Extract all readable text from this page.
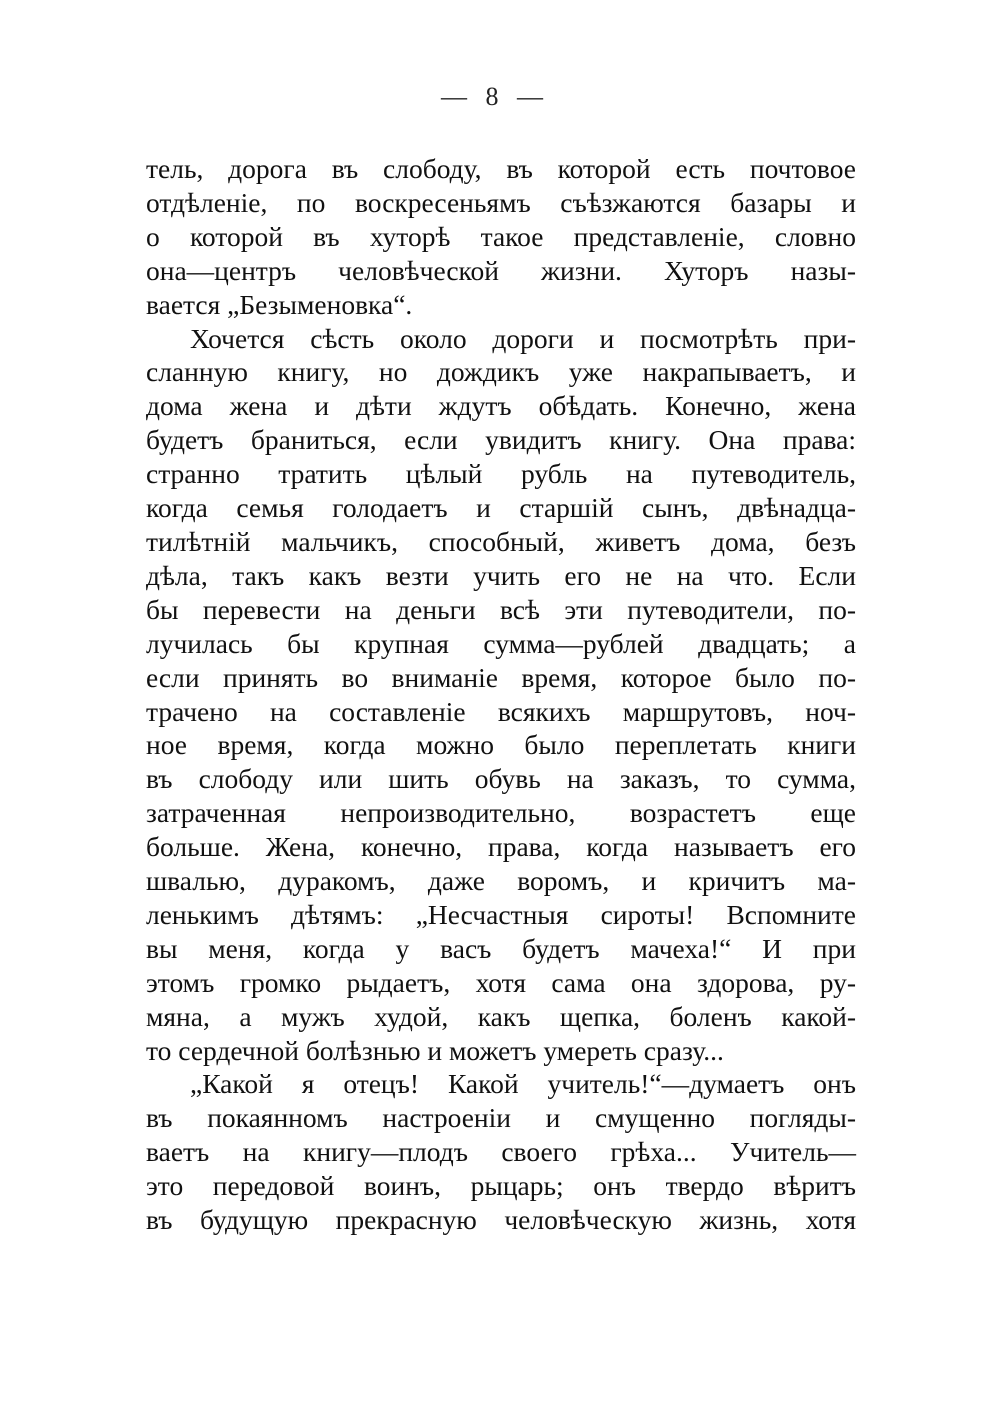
— 8 —
тель, дорога въ слободу, въ которой есть почтовое
отдѣленіе, по воскресеньямъ съѣзжаются базары и
о которой въ хуторѣ такое представленіе, словно
она—центръ человѣческой жизни. Хуторъ назы-
вается „Безыменовка“.
Хочется сѣсть около дороги и посмотрѣть при-
сланную книгу, но дождикъ уже накрапываетъ, и
дома жена и дѣти ждутъ обѣдать. Конечно, жена
будетъ браниться, если увидитъ книгу. Она права:
странно тратить цѣлый рубль на путеводитель,
когда семья голодаетъ и старшій сынъ, двѣнадца-
тилѣтній мальчикъ, способный, живетъ дома, безъ
дѣла, такъ какъ везти учить его не на что. Если
бы перевести на деньги всѣ эти путеводители, по-
лучилась бы крупная сумма—рублей двадцать; а
если принять во вниманіе время, которое было по-
трачено на составленіе всякихъ маршрутовъ, ноч-
ное время, когда можно было переплетать книги
въ слободу или шить обувь на заказъ, то сумма,
затраченная непроизводительно, возрастетъ еще
больше. Жена, конечно, права, когда называетъ его
швалью, дуракомъ, даже воромъ, и кричитъ ма-
ленькимъ дѣтямъ: „Несчастныя сироты! Вспомните
вы меня, когда у васъ будетъ мачеха!“ И при
этомъ громко рыдаетъ, хотя сама она здорова, ру-
мяна, а мужъ худой, какъ щепка, боленъ какой-
то сердечной болѣзнью и можетъ умереть сразу...
„Какой я отецъ! Какой учитель!“—думаетъ онъ
въ покаянномъ настроеніи и смущенно погляды-
ваетъ на книгу—плодъ своего грѣха... Учитель—
это передовой воинъ, рыцарь; онъ твердо вѣритъ
въ будущую прекрасную человѣческую жизнь, хотя
